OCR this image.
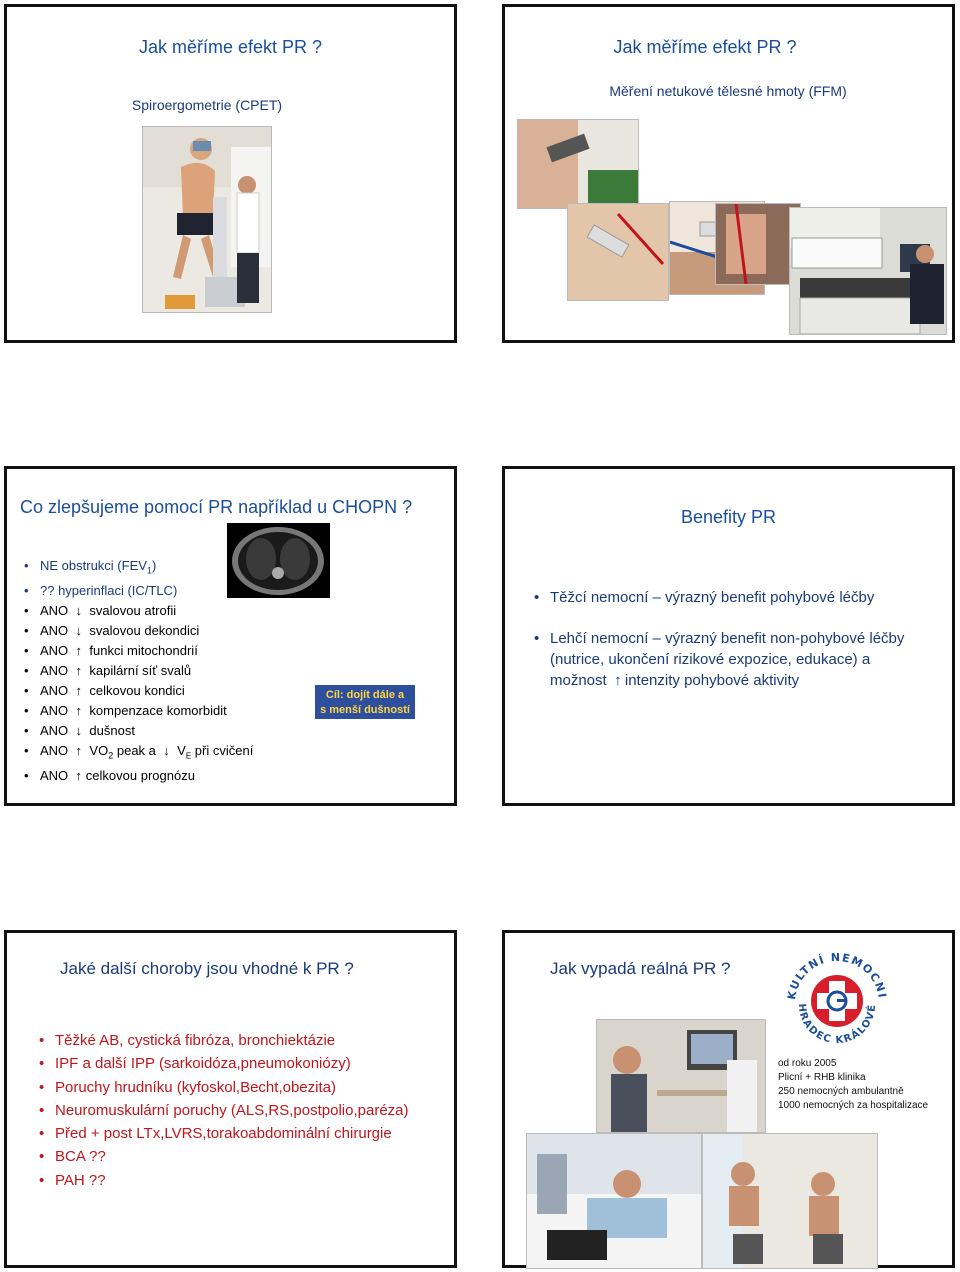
Jak měříme efekt PR ?
Spiroergometrie (CPET)
Jak měříme efekt PR ?
Měření netukové tělesné hmoty (FFM)
Co zlepšujeme pomocí PR například u CHOPN ?
• NE obstrukci $(FEV_1)$
• ?? hyperinflaci (IC/TLC)
• ANO ↓ svalovou atrofii
• ANO ↓ svalovou dekondici
• ANO ↑ funkci mitochondrií
• ANO ↑ kapilární síť svalů
• ANO ↑ celkovou kondici
• ANO ↑ kompenzace komorbidit
• ANO ↓ dušnost
• ANO ↑ $VO_2$ peak a ↓ $V_E$ při cvičení
• ANO ↑ celkovou prognózu
Cíl: dojít dále a
s menší dušností
Benefity PR
• Těžcí nemocní – výrazný benefit pohybové léčby
• Lehčí nemocní – výrazný benefit non-pohybové léčby
(nutrice, ukončení rizikové expozice, edukace) a
možnost ↑ intenzity pohybové aktivity
Jaké další choroby jsou vhodné k PR ?
• Těžké AB, cystická fibróza, bronchiektázie
• IPF a další IPP (sarkoidóza,pneumokoniózy)
• Poruchy hrudníku (kyfoskol,Becht,obezita)
• Neuromuskulární poruchy (ALS,RS,postpolio,paréza)
• Před + post LTx,LVRS,torakoabdominální chirurgie
• BCA ??
• PAH ??
Jak vypadá reálná PR ?
KULTNÍ NEMOCNI
HRADEC KRÁLOVÉ
od roku 2005
Plicní + RHB klinika
250 nemocných ambulantně
1000 nemocných za hospitalizace
